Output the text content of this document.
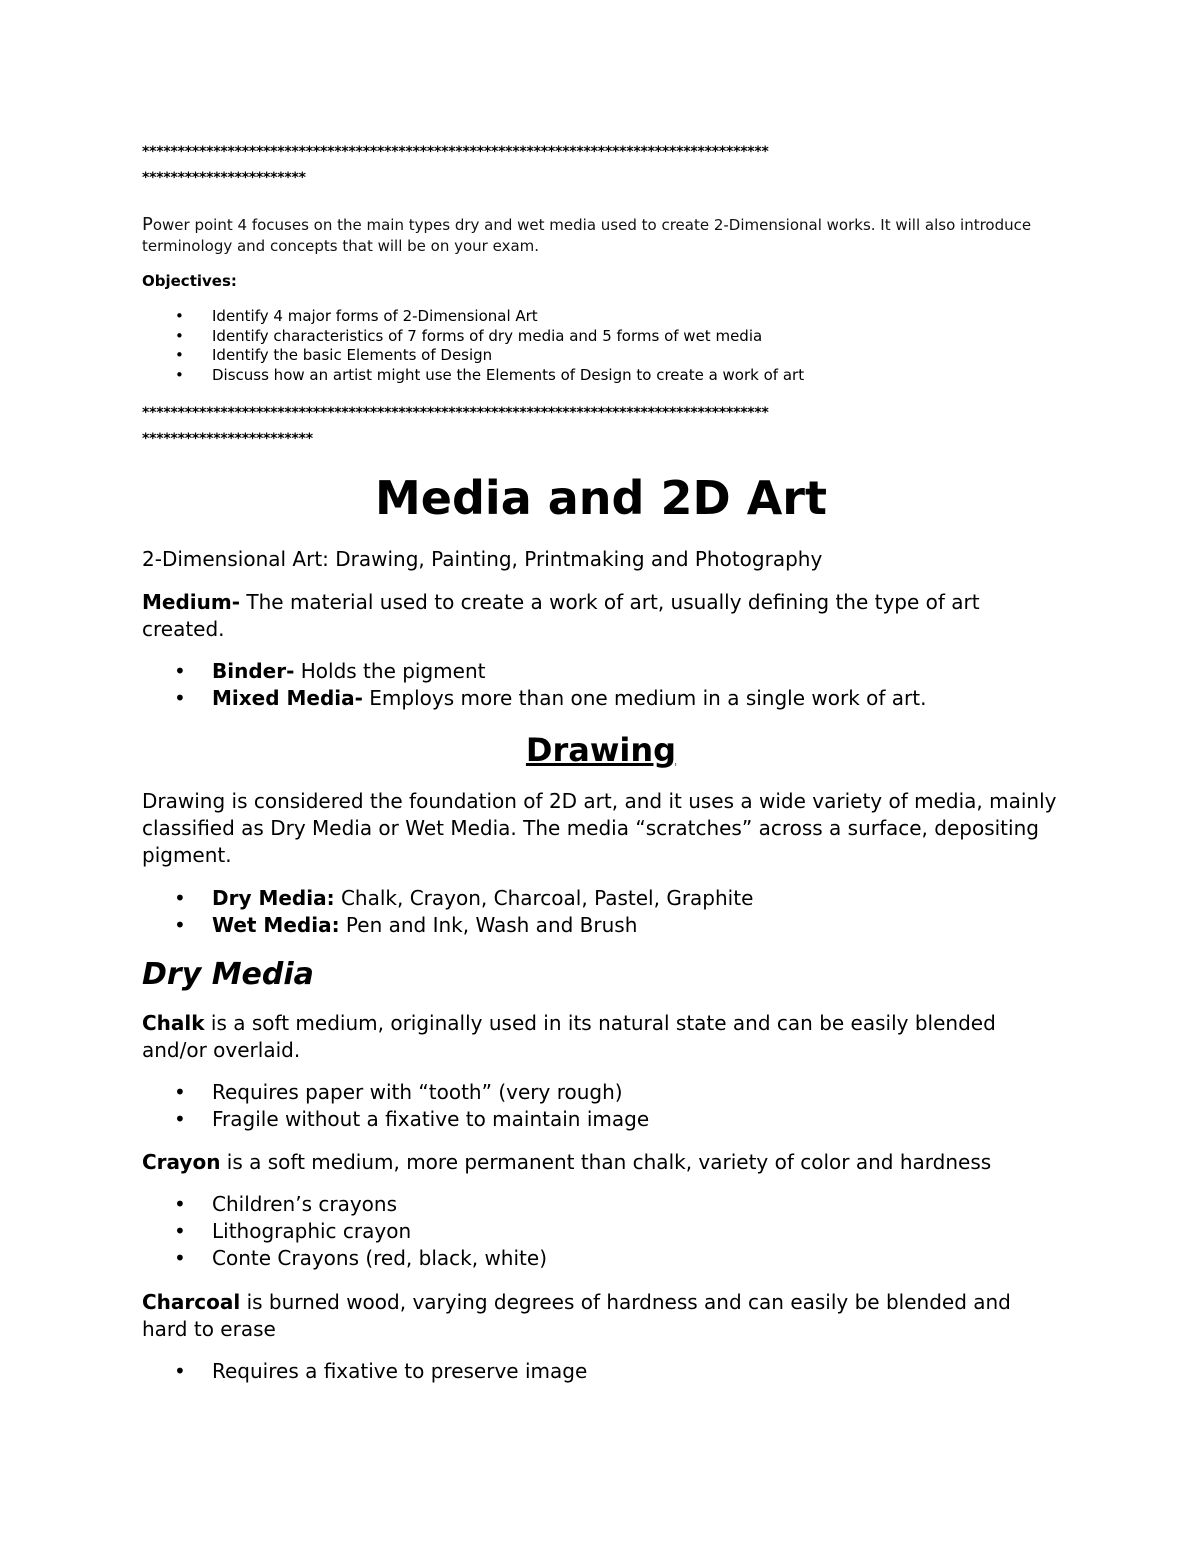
****************************************************************************************
***********************
Power point 4 focuses on the main types dry and wet media used to create 2-Dimensional works. It will also introduce terminology and concepts that will be on your exam.
Objectives:
• Identify 4 major forms of 2-Dimensional Art
• Identify characteristics of 7 forms of dry media and 5 forms of wet media
• Identify the basic Elements of Design
• Discuss how an artist might use the Elements of Design to create a work of art
****************************************************************************************
************************
Media and 2D Art
2-Dimensional Art: Drawing, Painting, Printmaking and Photography
Medium- The material used to create a work of art, usually defining the type of art created.
• Binder- Holds the pigment
• Mixed Media- Employs more than one medium in a single work of art.
Drawing
Drawing is considered the foundation of 2D art, and it uses a wide variety of media, mainly classified as Dry Media or Wet Media. The media “scratches” across a surface, depositing pigment.
• Dry Media: Chalk, Crayon, Charcoal, Pastel, Graphite
• Wet Media: Pen and Ink, Wash and Brush
Dry Media
Chalk is a soft medium, originally used in its natural state and can be easily blended and/or overlaid.
• Requires paper with “tooth” (very rough)
• Fragile without a fixative to maintain image
Crayon is a soft medium, more permanent than chalk, variety of color and hardness
• Children’s crayons
• Lithographic crayon
• Conte Crayons (red, black, white)
Charcoal is burned wood, varying degrees of hardness and can easily be blended and hard to erase
• Requires a fixative to preserve image
